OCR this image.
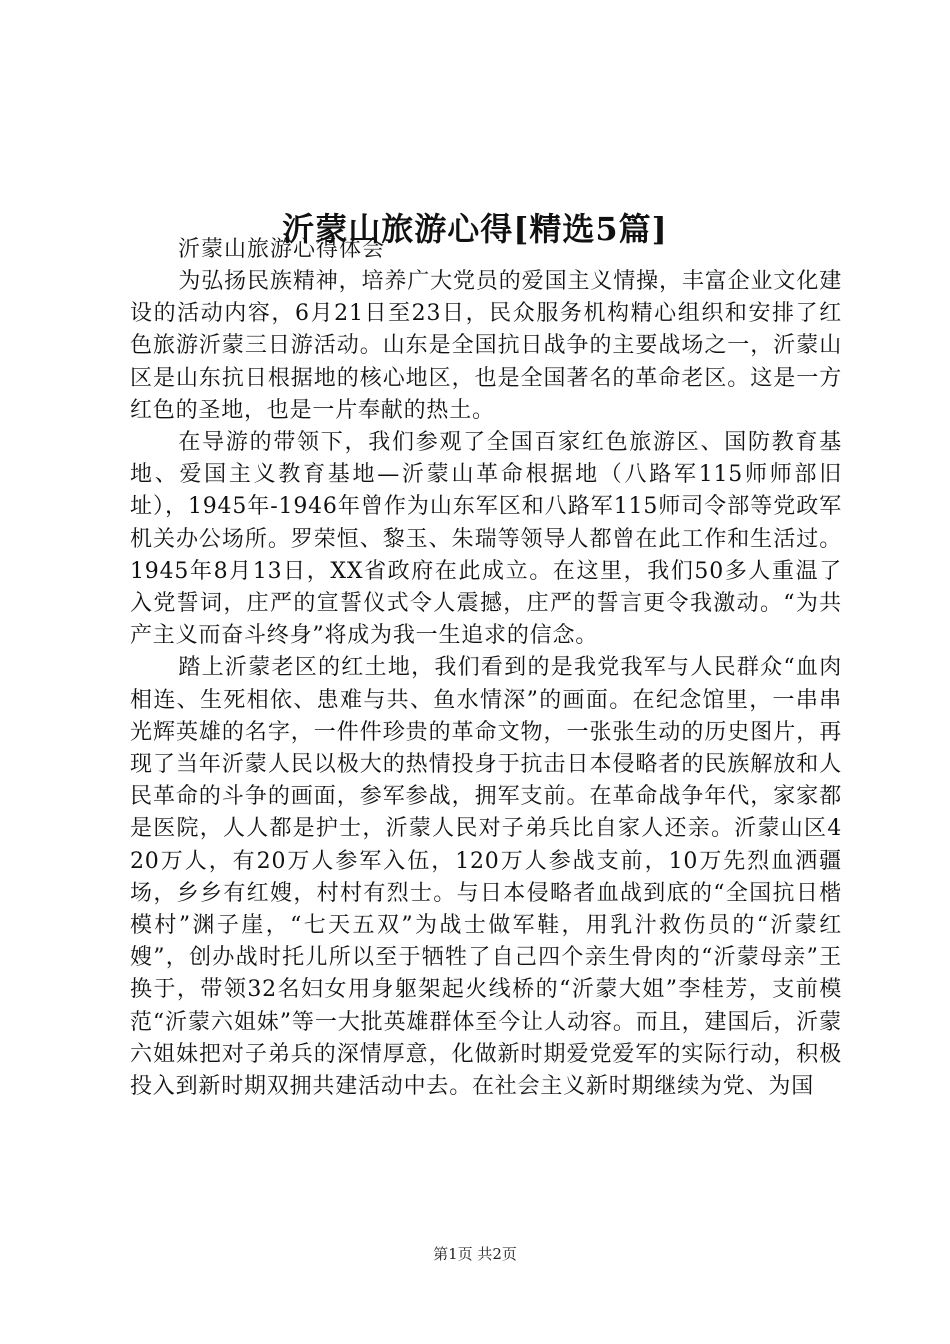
沂蒙山旅游心得[精选5篇]

沂蒙山旅游心得体会

为弘扬民族精神，培养广大党员的爱国主义情操，丰富企业文化建设的活动内容，6月21日至23日，民众服务机构精心组织和安排了红色旅游沂蒙三日游活动。山东是全国抗日战争的主要战场之一，沂蒙山区是山东抗日根据地的核心地区，也是全国著名的革命老区。这是一方红色的圣地，也是一片奉献的热土。

在导游的带领下，我们参观了全国百家红色旅游区、国防教育基地、爱国主义教育基地—沂蒙山革命根据地（八路军115师师部旧址），1945年-1946年曾作为山东军区和八路军115师司令部等党政军机关办公场所。罗荣恒、黎玉、朱瑞等领导人都曾在此工作和生活过。1945年8月13日，XX省政府在此成立。在这里，我们50多人重温了入党誓词，庄严的宣誓仪式令人震撼，庄严的誓言更令我激动。“为共产主义而奋斗终身”将成为我一生追求的信念。

踏上沂蒙老区的红土地，我们看到的是我党我军与人民群众“血肉相连、生死相依、患难与共、鱼水情深”的画面。在纪念馆里，一串串光辉英雄的名字，一件件珍贵的革命文物，一张张生动的历史图片，再现了当年沂蒙人民以极大的热情投身于抗击日本侵略者的民族解放和人民革命的斗争的画面，参军参战，拥军支前。在革命战争年代，家家都是医院，人人都是护士，沂蒙人民对子弟兵比自家人还亲。沂蒙山区420万人，有20万人参军入伍，120万人参战支前，10万先烈血洒疆场，乡乡有红嫂，村村有烈士。与日本侵略者血战到底的“全国抗日楷模村”渊子崖，“七天五双”为战士做军鞋，用乳汁救伤员的“沂蒙红嫂”，创办战时托儿所以至于牺牲了自己四个亲生骨肉的“沂蒙母亲”王换于，带领32名妇女用身躯架起火线桥的“沂蒙大姐”李桂芳，支前模范“沂蒙六姐妹”等一大批英雄群体至今让人动容。而且，建国后，沂蒙六姐妹把对子弟兵的深情厚意，化做新时期爱党爱军的实际行动，积极投入到新时期双拥共建活动中去。在社会主义新时期继续为党、为国

第1页 共2页
